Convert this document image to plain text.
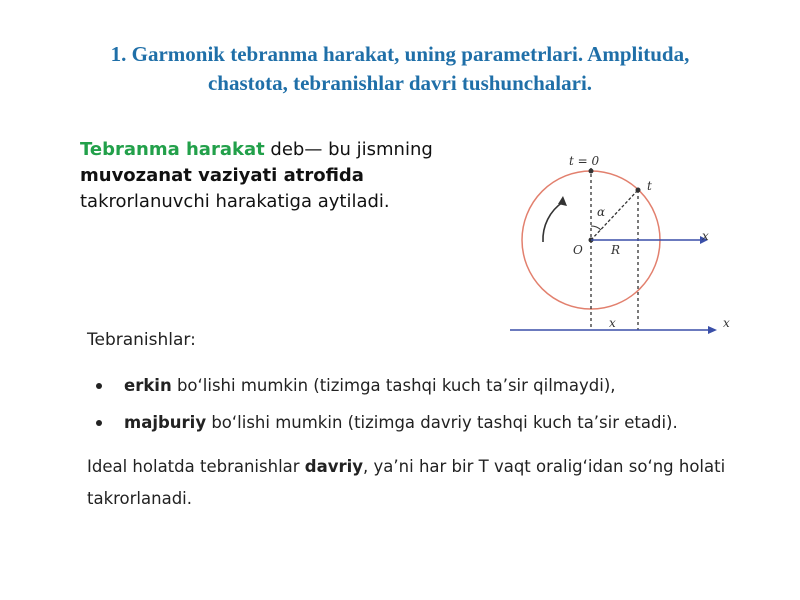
1. Garmonik tebranma harakat, uning parametrlari. Amplituda,
chastota, tebranishlar davri tushunchalari.
Tebranma harakat deb— bu jismning
muvozanat vaziyati atrofida
takrorlanuvchi harakatiga aytiladi.
t = 0
t
α
O R
x
x	x
Tebranishlar:
erkin bo‘lishi mumkin (tizimga tashqi kuch ta’sir qilmaydi),
majburiy bo‘lishi mumkin (tizimga davriy tashqi kuch ta’sir etadi).
Ideal holatda tebranishlar davriy, ya’ni har bir T vaqt oralig‘idan so‘ng holati
takrorlanadi.
